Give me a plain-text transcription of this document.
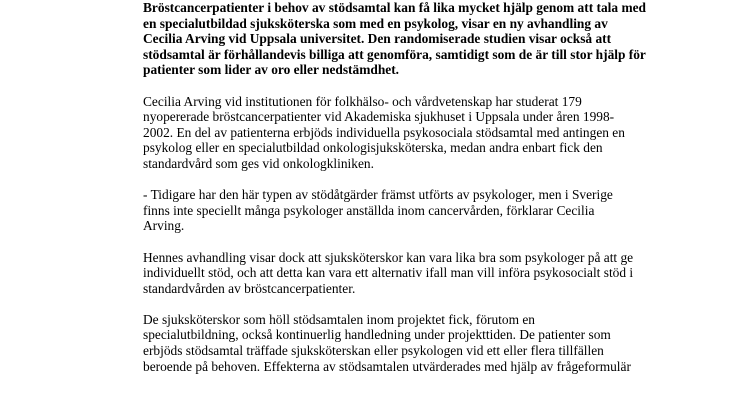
Bröstcancerpatienter i behov av stödsamtal kan få lika mycket hjälp genom att tala med
en specialutbildad sjuksköterska som med en psykolog, visar en ny avhandling av
Cecilia Arving vid Uppsala universitet. Den randomiserade studien visar också att
stödsamtal är förhållandevis billiga att genomföra, samtidigt som de är till stor hjälp för
patienter som lider av oro eller nedstämdhet.

Cecilia Arving vid institutionen för folkhälso- och vårdvetenskap har studerat 179
nyopererade bröstcancerpatienter vid Akademiska sjukhuset i Uppsala under åren 1998-
2002. En del av patienterna erbjöds individuella psykosociala stödsamtal med antingen en
psykolog eller en specialutbildad onkologisjuksköterska, medan andra enbart fick den
standardvård som ges vid onkologkliniken.

- Tidigare har den här typen av stödåtgärder främst utförts av psykologer, men i Sverige
finns inte speciellt många psykologer anställda inom cancervården, förklarar Cecilia
Arving.

Hennes avhandling visar dock att sjuksköterskor kan vara lika bra som psykologer på att ge
individuellt stöd, och att detta kan vara ett alternativ ifall man vill införa psykosocialt stöd i
standardvården av bröstcancerpatienter.

De sjuksköterskor som höll stödsamtalen inom projektet fick, förutom en
specialutbildning, också kontinuerlig handledning under projekttiden. De patienter som
erbjöds stödsamtal träffade sjuksköterskan eller psykologen vid ett eller flera tillfällen
beroende på behoven. Effekterna av stödsamtalen utvärderades med hjälp av frågeformulär
